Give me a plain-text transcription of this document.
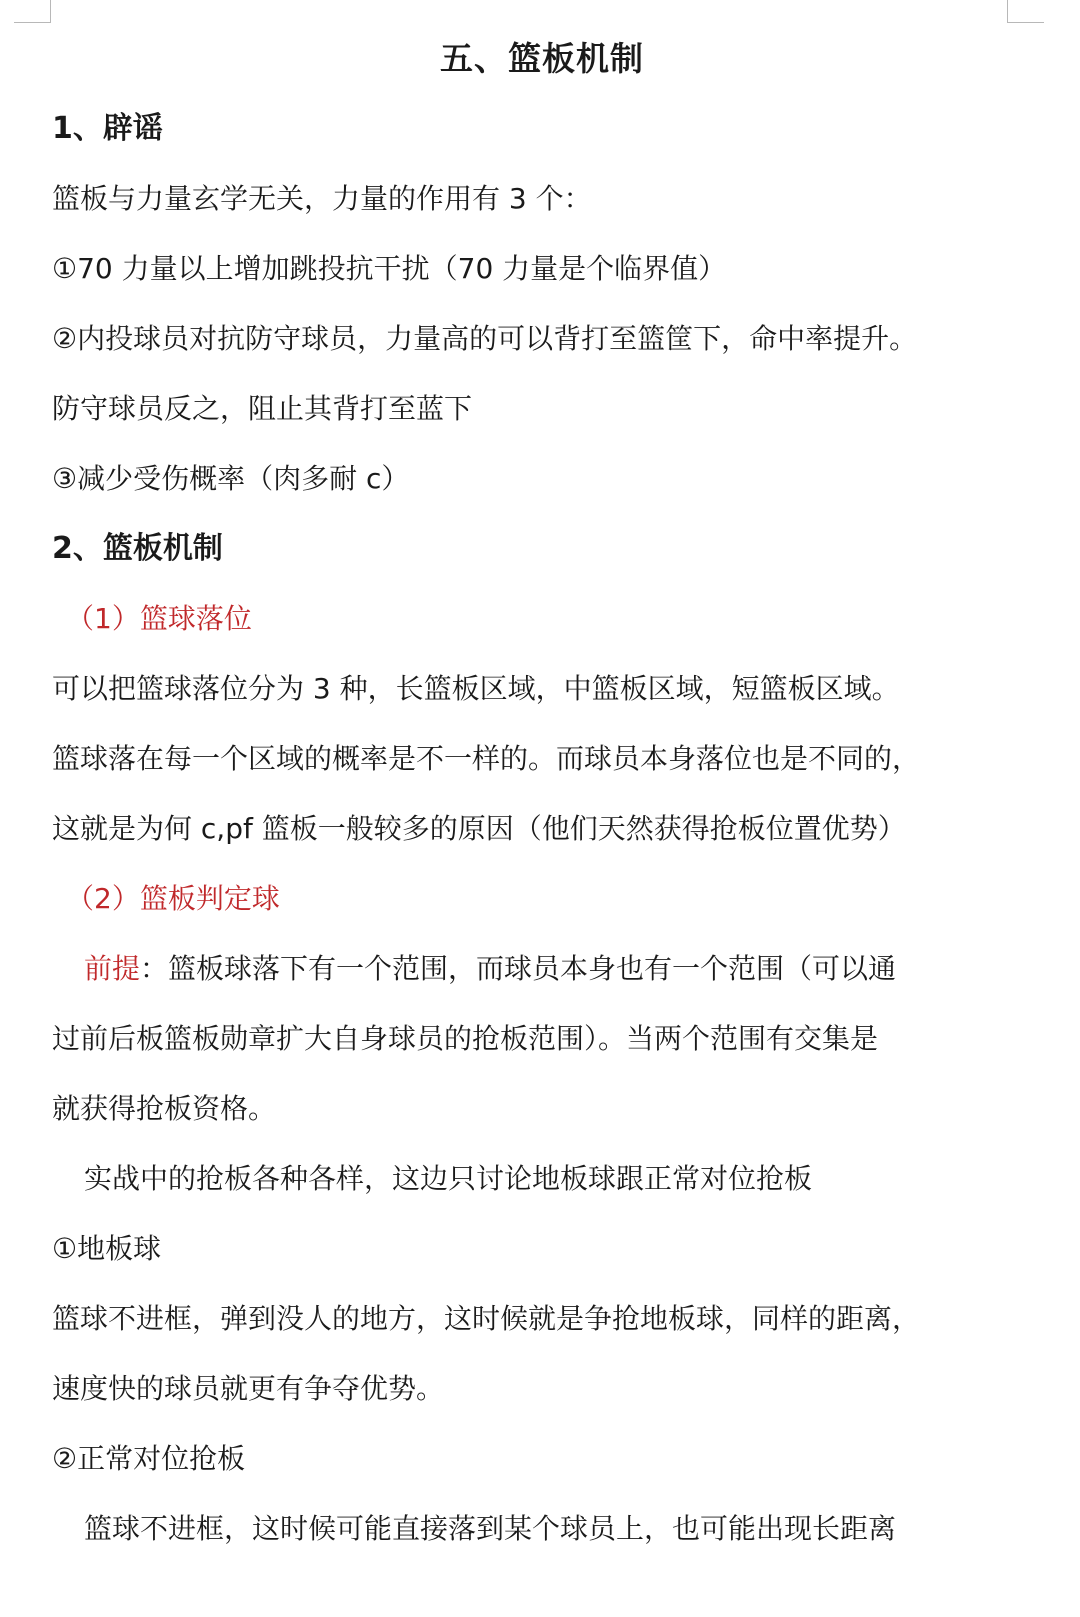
五、篮板机制

1、辟谣

篮板与力量玄学无关，力量的作用有 3 个：

①70 力量以上增加跳投抗干扰（70 力量是个临界值）

②内投球员对抗防守球员，力量高的可以背打至篮筐下，命中率提升。

防守球员反之，阻止其背打至蓝下

③减少受伤概率（肉多耐 c）

2、篮板机制

（1）篮球落位

可以把篮球落位分为 3 种，长篮板区域，中篮板区域，短篮板区域。

篮球落在每一个区域的概率是不一样的。而球员本身落位也是不同的，

这就是为何 c,pf 篮板一般较多的原因（他们天然获得抢板位置优势）

（2）篮板判定球

前提：篮板球落下有一个范围，而球员本身也有一个范围（可以通

过前后板篮板勋章扩大自身球员的抢板范围）。当两个范围有交集是

就获得抢板资格。

实战中的抢板各种各样，这边只讨论地板球跟正常对位抢板

①地板球

篮球不进框，弹到没人的地方，这时候就是争抢地板球，同样的距离，

速度快的球员就更有争夺优势。

②正常对位抢板

篮球不进框，这时候可能直接落到某个球员上，也可能出现长距离
